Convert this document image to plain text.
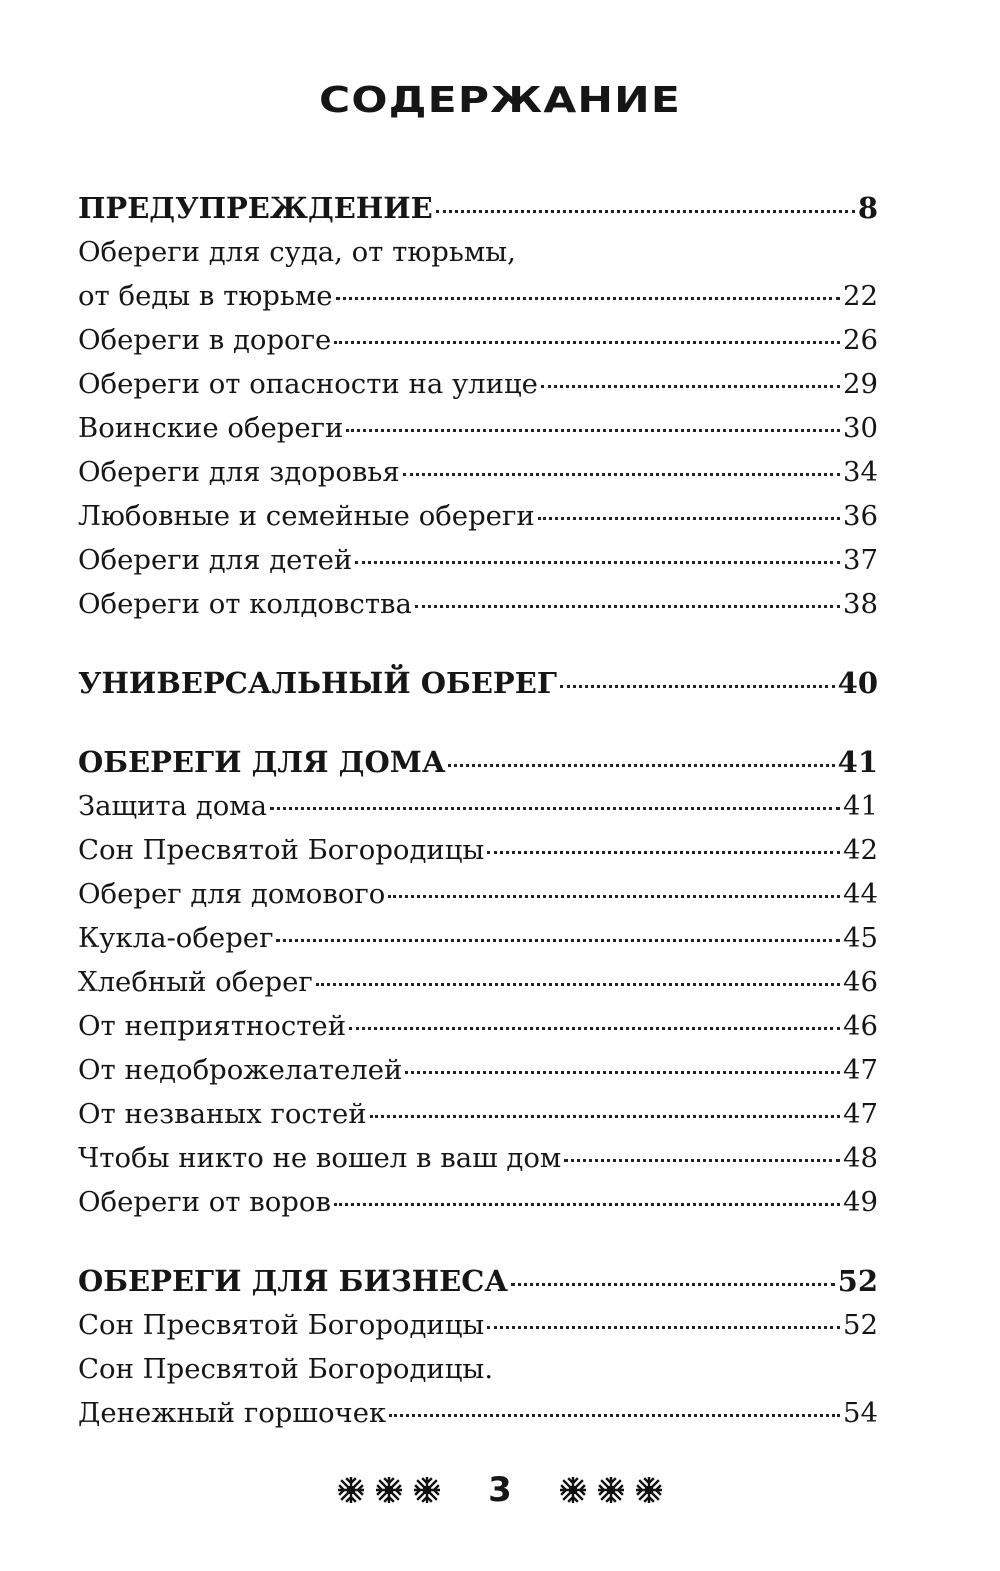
СОДЕРЖАНИЕ
ПРЕДУПРЕЖДЕНИЕ	8
Обереги для суда, от тюрьмы,
от беды в тюрьме	22
Обереги в дороге	26
Обереги от опасности на улице	29
Воинские обереги	30
Обереги для здоровья	34
Любовные и семейные обереги	36
Обереги для детей	37
Обереги от колдовства	38
УНИВЕРСАЛЬНЫЙ ОБЕРЕГ	40
ОБЕРЕГИ ДЛЯ ДОМА	41
Защита дома	41
Сон Пресвятой Богородицы	42
Оберег для домового	44
Кукла-оберег	45
Хлебный оберег	46
От неприятностей	46
От недоброжелателей	47
От незваных гостей	47
Чтобы никто не вошел в ваш дом	48
Обереги от воров	49
ОБЕРЕГИ ДЛЯ БИЗНЕСА	52
Сон Пресвятой Богородицы	52
Сон Пресвятой Богородицы.
Денежный горшочек	54
3
